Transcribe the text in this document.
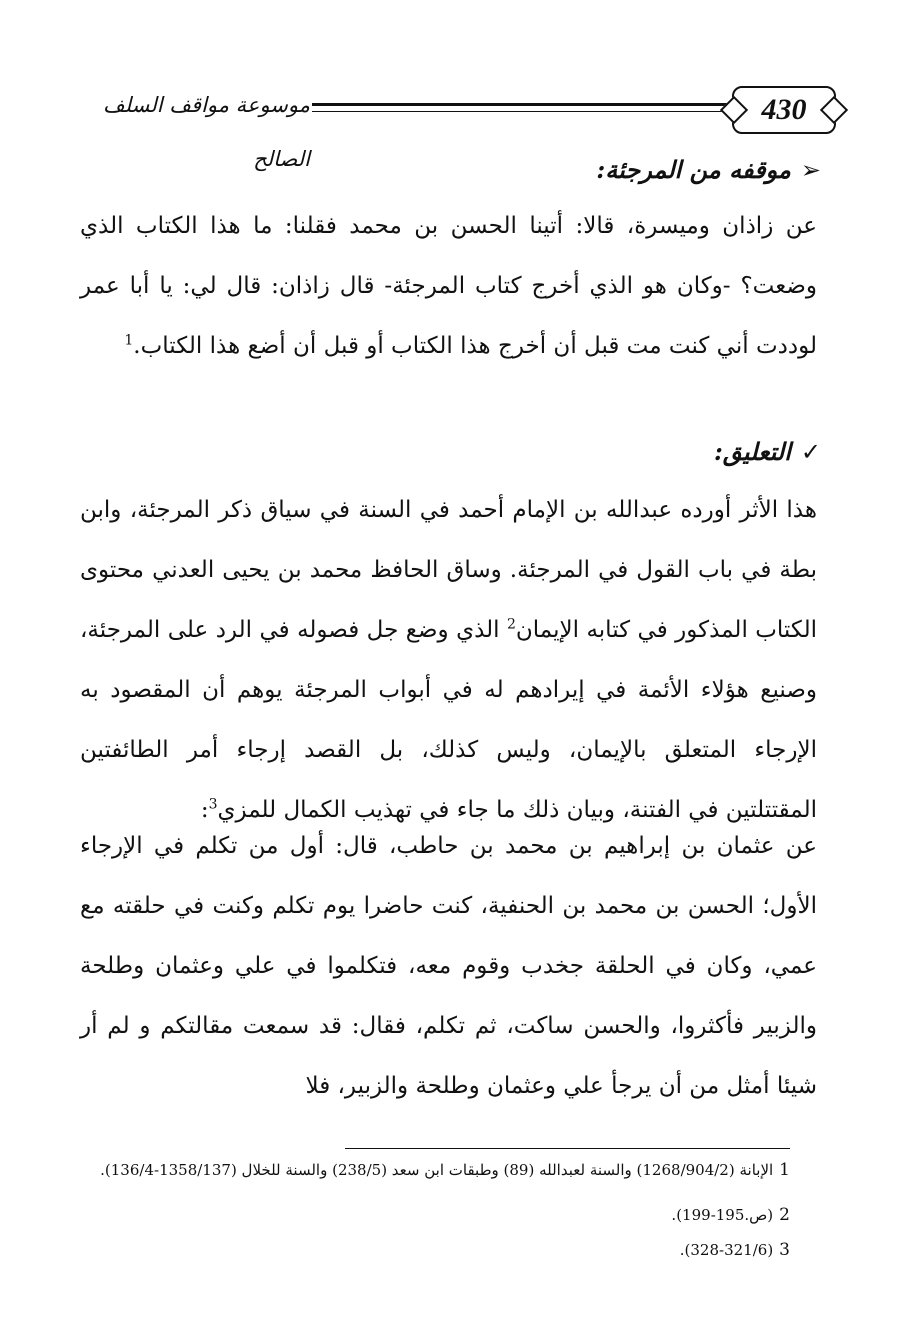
موسوعة مواقف السلف الصالح
430
➢موقفه من المرجئة:
عن زاذان وميسرة، قالا: أتينا الحسن بن محمد فقلنا: ما هذا الكتاب الذي وضعت؟ -وكان هو الذي أخرج كتاب المرجئة- قال زاذان: قال لي: يا أبا عمر لوددت أني كنت مت قبل أن أخرج هذا الكتاب أو قبل أن أضع هذا الكتاب.$^1$
✓التعليق:
هذا الأثر أورده عبدالله بن الإمام أحمد في السنة في سياق ذكر المرجئة، وابن بطة في باب القول في المرجئة. وساق الحافظ محمد بن يحيى العدني محتوى الكتاب المذكور في كتابه الإيمان$^2$ الذي وضع جل فصوله في الرد على المرجئة، وصنيع هؤلاء الأئمة في إيرادهم له في أبواب المرجئة يوهم أن المقصود به الإرجاء المتعلق بالإيمان، وليس كذلك، بل القصد إرجاء أمر الطائفتين المقتتلتين في الفتنة، وبيان ذلك ما جاء في تهذيب الكمال للمزي$^3$:
عن عثمان بن إبراهيم بن محمد بن حاطب، قال: أول من تكلم في الإرجاء الأول؛ الحسن بن محمد بن الحنفية، كنت حاضرا يوم تكلم وكنت في حلقته مع عمي، وكان في الحلقة جخدب وقوم معه، فتكلموا في علي وعثمان وطلحة والزبير فأكثروا، والحسن ساكت، ثم تكلم، فقال: قد سمعت مقالتكم و لم أر شيئا أمثل من أن يرجأ علي وعثمان وطلحة والزبير، فلا
1الإبانة (1268/904/2) والسنة لعبدالله (89) وطبقات ابن سعد (238/5) والسنة للخلال (1358/137-136/4).
2(ص.195-199).
3(328-321/6).
